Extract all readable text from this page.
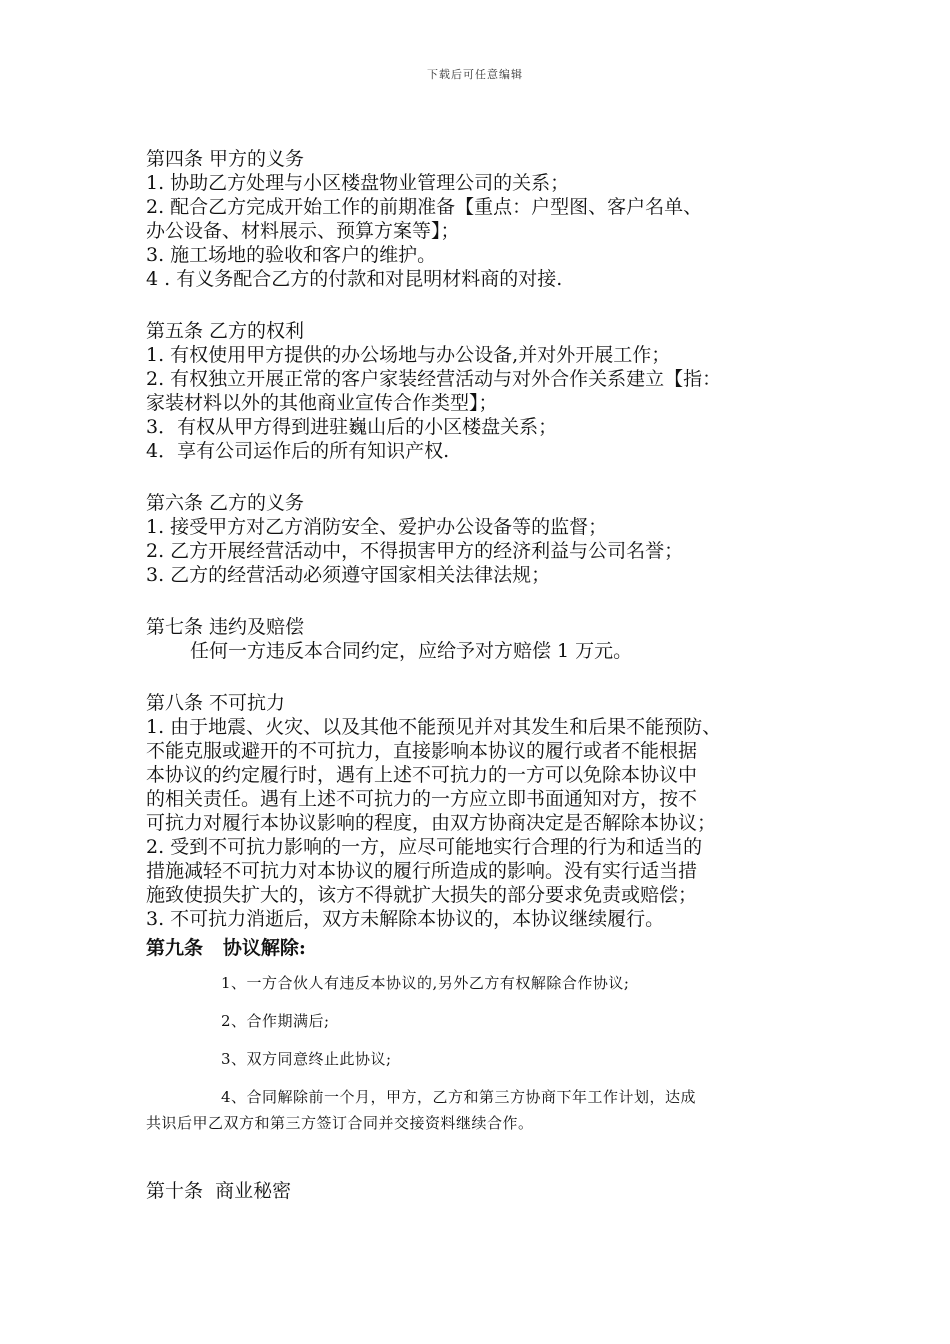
下载后可任意编辑
第四条 甲方的义务
1. 协助乙方处理与小区楼盘物业管理公司的关系；
2. 配合乙方完成开始工作的前期准备【重点：户型图、客户名单、
办公设备、材料展示、预算方案等】；
3. 施工场地的验收和客户的维护。
4 . 有义务配合乙方的付款和对昆明材料商的对接.
第五条 乙方的权利
1. 有权使用甲方提供的办公场地与办公设备,并对外开展工作；
2. 有权独立开展正常的客户家装经营活动与对外合作关系建立【指：
家装材料以外的其他商业宣传合作类型】；
3．有权从甲方得到进驻巍山后的小区楼盘关系；
4．享有公司运作后的所有知识产权.
第六条 乙方的义务
1. 接受甲方对乙方消防安全、爱护办公设备等的监督；
2. 乙方开展经营活动中，不得损害甲方的经济利益与公司名誉；
3. 乙方的经营活动必须遵守国家相关法律法规；
第七条 违约及赔偿
任何一方违反本合同约定，应给予对方赔偿 1 万元。
第八条 不可抗力
1. 由于地震、火灾、以及其他不能预见并对其发生和后果不能预防、
不能克服或避开的不可抗力，直接影响本协议的履行或者不能根据
本协议的约定履行时，遇有上述不可抗力的一方可以免除本协议中
的相关责任。遇有上述不可抗力的一方应立即书面通知对方，按不
可抗力对履行本协议影响的程度，由双方协商决定是否解除本协议；
2. 受到不可抗力影响的一方，应尽可能地实行合理的行为和适当的
措施减轻不可抗力对本协议的履行所造成的影响。没有实行适当措
施致使损失扩大的，该方不得就扩大损失的部分要求免责或赔偿；
3. 不可抗力消逝后，双方未解除本协议的，本协议继续履行。
第九条   协议解除:
1、一方合伙人有违反本协议的,另外乙方有权解除合作协议;
2、合作期满后;
3、双方同意终止此协议;
4、合同解除前一个月，甲方，乙方和第三方协商下年工作计划，达成
共识后甲乙双方和第三方签订合同并交接资料继续合作。
第十条  商业秘密
